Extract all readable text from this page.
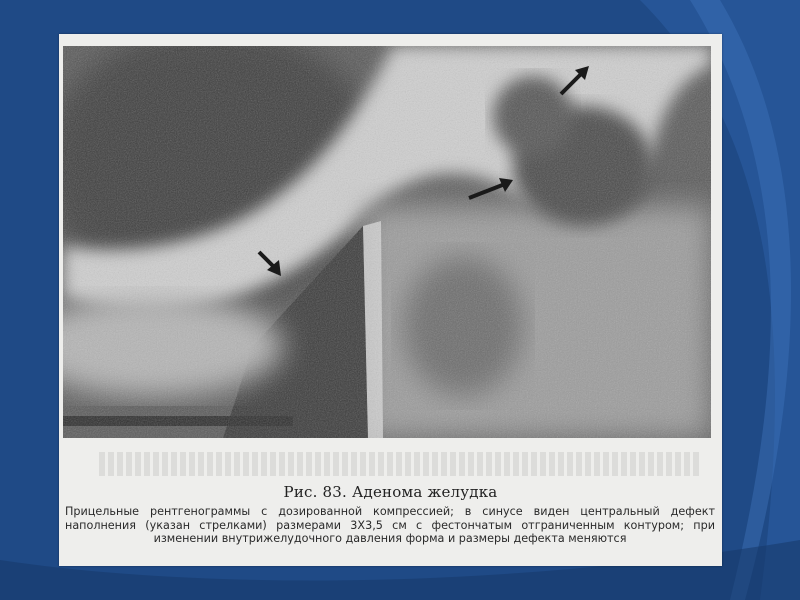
Рис. 83. Аденома желудка
Прицельные рентгенограммы с дозированной компрессией; в синусе виден центральный дефект наполнения (указан стрелками) размерами 3Х3,5 см с фестончатым отграниченным контуром; при изменении внутрижелудочного давления форма и размеры дефекта меняются
